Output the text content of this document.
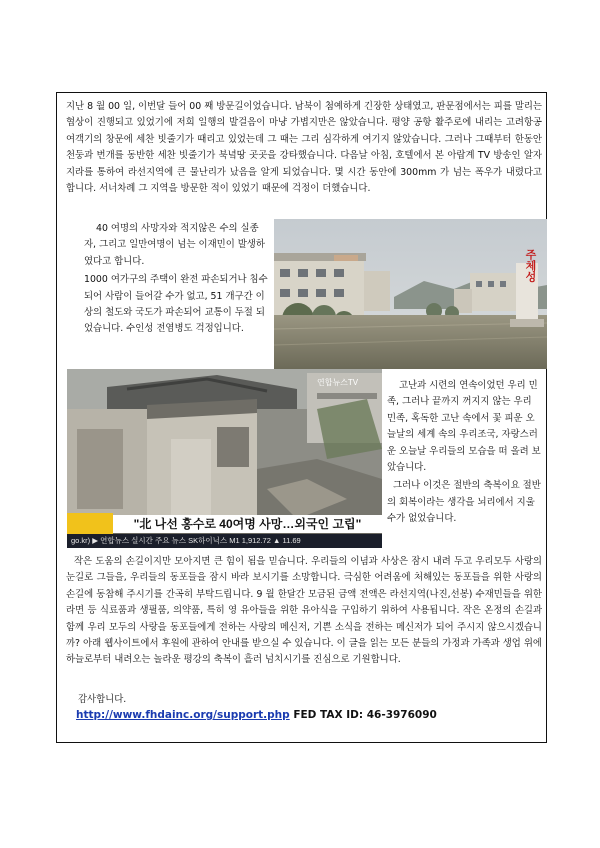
지난 8 월 00 일, 이번달 들어 00 째 방문길이었습니다. 남북이 첨예하게 긴장한 상태였고, 판문점에서는 피를 말리는 협상이 진행되고 있었기에 저희 일행의 발걸음이 마냥 가볍지만은 않았습니다. 평양 공항 활주로에 내리는 고려항공 여객기의 창문에 세찬 빗줄기가 때리고 있었는데 그 때는 그리 심각하게 여기지 않았습니다. 그러나 그때부터 한동안 천둥과 번개를 동반한 세찬 빗줄기가 북녘땅 곳곳을 강타했습니다. 다음날 아침, 호텔에서 본 아랍계 TV 방송인 알자지라를 통하여 라선지역에 큰 물난리가 났음을 알게 되었습니다. 몇 시간 동안에 300mm 가 넘는 폭우가 내렸다고 합니다. 서너차례 그 지역을 방문한 적이 있었기 때문에 걱정이 더했습니다.
40 여명의 사망자와 적지않은 수의 실종자, 그리고 일만여명이 넘는 이재민이 발생하였다고 합니다.
1000 여가구의 주택이 완전 파손되거나 침수되어 사람이 들어갈 수가 없고, 51 개구간 이상의 철도와 국도가 파손되어 교통이 두절 되었습니다. 수인성 전염병도 걱정입니다.
주체성
연합뉴스TV
"北 나선 홍수로 40여명 사망…외국인 고립"
go.kr) ▶ 연합뉴스 실시간 주요 뉴스 SK하이닉스 M1 1,912.72 ▲ 11.69
고난과 시련의 연속이었던 우리 민족, 그러나 끝까지 꺼지지 않는 우리 민족, 혹독한 고난 속에서 꽃 피운 오늘날의 세계 속의 우리조국, 자랑스러운 오늘날 우리들의 모습을 떠 올려 보았습니다.
그러나 이것은 절반의 축복이요 절반의 회복이라는 생각을 뇌리에서 지울수가 없었습니다.
작은 도움의 손길이지만 모아지면 큰 힘이 됨을 믿습니다. 우리들의 이념과 사상은 잠시 내려 두고 우리모두 사랑의 눈길로 그들을, 우리들의 동포들을 잠시 바라 보시기를 소망합니다. 극심한 어려움에 처해있는 동포들을 위한 사랑의 손길에 동참해 주시기를 간곡히 부탁드립니다. 9 월 한달간 모금된 금액 전액은 라선지역(나진,선봉) 수재민들을 위한 라면 등 식료품과 생필품, 의약품, 특히 영 유아들을 위한 유아식을 구입하기 위하여 사용됩니다. 작은 온정의 손길과 함께 우리 모두의 사랑을 동포들에게 전하는 사랑의 메신저, 기쁜 소식을 전하는 메신저가 되어 주시지 않으시겠습니까? 아래 웹사이트에서 후원에 관하여 안내를 받으실 수 있습니다. 이 글을 읽는 모든 분들의 가정과 가족과 생업 위에 하늘로부터 내려오는 놀라운 평강의 축복이 흘러 넘치시기를 진심으로 기원합니다.
감사합니다.
http://www.fhdainc.org/support.php FED TAX ID: 46-3976090
